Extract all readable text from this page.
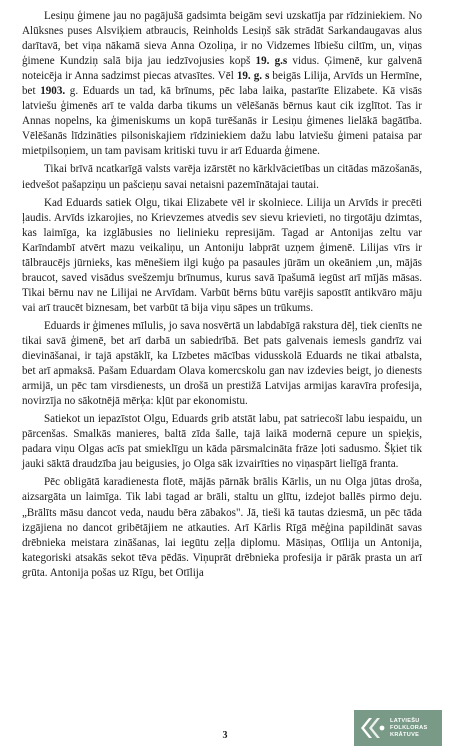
Lesiņu ģimene jau no pagājušā gadsimta beigām sevi uzskatīja par rīdziniekiem. No Alūksnes puses Alsviķiem atbraucis, Reinholds Lesiņš sāk strādāt Sarkandaugavas alus darītavā, bet viņa nākamā sieva Anna Ozoliņa, ir no Vidzemes lībiešu ciltīm, un, viņas ģimene Kundziņ salā bija jau iedzīvojusies kopš 19. g.s vidus. Ģimenē, kur galvenā noteicēja ir Anna sadzimst piecas atvasītes. Vēl 19. g. s beigās Lilija, Arvīds un Hermīne, bet 1903. g. Eduards un tad, kā brīnums, pēc laba laika, pastarīte Elizabete. Kā visās latviešu ģimenēs arī te valda darba tikums un vēlēšanās bērnus kaut cik izglītot. Tas ir Annas nopelns, ka ģimeniskums un kopā turēšanās ir Lesiņu ģimenes lielākā bagātība. Vēlēšanās līdzināties pilsoniskajiem rīdziniekiem dažu labu latviešu ģimeni pataisa par mietpilsoņiem, un tam pavisam kritiski tuvu ir arī Eduarda ģimene.

Tikai brīvā ncatkarīgā valsts varēja izārstēt no kārklvācietības un citādas māzošanās, iedvešot pašapziņu un pašcieņu savai netaisni pazemīnātajai tautai.

Kad Eduards satiek Olgu, tikai Elizabete vēl ir skolniece. Lilija un Arvīds ir precēti ļaudis. Arvīds izkarojies, no Krievzemes atvedis sev sievu krievieti, no tirgotāju dzimtas, kas laimīga, ka izglābusies no lielinieku represijām. Tagad ar Antonijas zeltu var Karīndambī atvērt mazu veikaliņu, un Antoniju labprāt uzņem ģimenē. Lilijas vīrs ir tālbraucējs jūrnieks, kas mēnešiem ilgi kuģo pa pasaules jūrām un okeāniem ,un, mājās braucot, saved visādus svešzemju brīnumus, kurus savā īpašumā iegūst arī mījās māsas. Tikai bērnu nav ne Lilijai ne Arvīdam. Varbūt bērns būtu varējis sapostīt antikvāro māju vai arī traucēt biznesam, bet varbūt tā bija viņu sāpes un trūkums.

Eduards ir ģimenes mīlulis, jo sava nosvērtā un labdabīgā rakstura dēļ, tiek cienīts ne tikai savā ģimenē, bet arī darbā un sabiedrībā. Bet pats galvenais iemesls gandrīz vai dievināšanai, ir tajā apstāklī, ka Līzbetes mācības vidusskolā Eduards ne tikai atbalsta, bet arī apmaksā. Pašam Eduardam Olava komercskolu gan nav izdevies beigt, jo dienests armijā, un pēc tam virsdienests, un drošā un prestižā Latvijas armijas karavīra profesija, novirzīja no sākotnējā mērķa: kļūt par ekonomistu.

Satiekot un iepazīstot Olgu, Eduards grib atstāt labu, pat satriecošī labu iespaidu, un pārcenšas. Smalkās manieres, baltā zīda šalle, tajā laikā modernā cepure un spieķis, padara viņu Olgas acīs pat smieklīgu un kāda pārsmalcināta frāze ļoti sadusmo. Šķiet tik jauki sāktā draudzība jau beigusies, jo Olga sāk izvairīties no viņaspārt lielīgā franta.

Pēc obligātā karadienesta flotē, mājās pārnāk brālis Kārlis, un nu Olga jūtas droša, aizsargāta un laimīga. Tik labi tagad ar brāli, staltu un glītu, izdejot ballēs pirmo deju. „Brālīts māsu dancot veda, naudu bēra zābakos". Jā, tieši kā tautas dziesmā, un pēc tāda izgājiena no dancot gribētājiem ne atkauties. Arī Kārlis Rīgā mēģina papildināt savas drēbnieka meistara zināšanas, lai iegūtu zeļļa diplomu. Māsiņas, Otīlija un Antonija, kategoriski atsakās sekot tēva pēdās. Viņuprāt drēbnieka profesija ir pārāk prasta un arī grūta. Antonija pošas uz Rīgu, bet Otīlija

3
LATVIEŠU
FOLKLORAS
KRĀTUVE
